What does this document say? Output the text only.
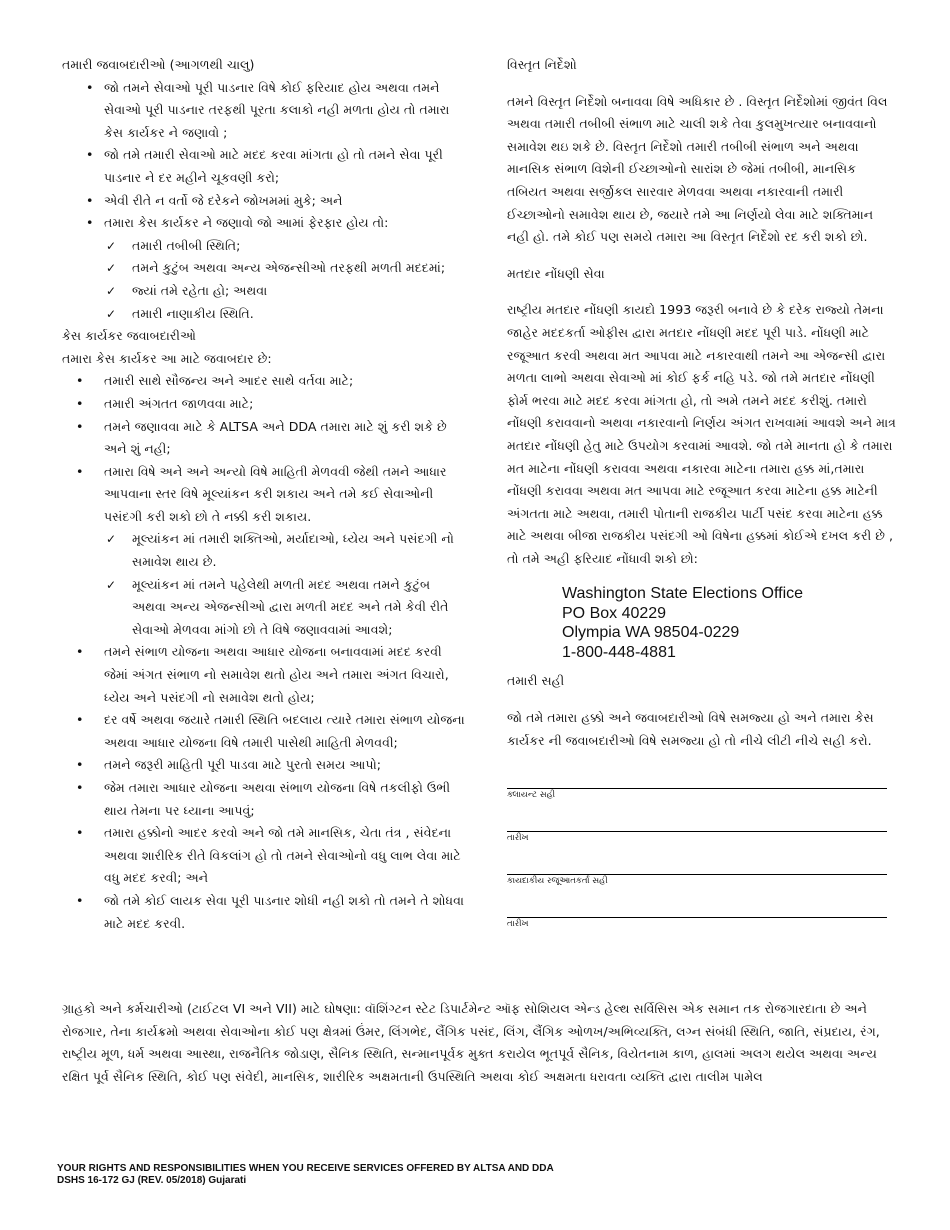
તમારી જવાબદારીઓ (આગળથી ચાલુ)

• જો તમને સેવાઓ પૂરી પાડનાર વિષે કોઈ ફરિયાદ હોય અથવા તમને સેવાઓ પૂરી પાડનાર તરફથી પૂરતા કલાકો નહી મળતા હોય તો તમારા કેસ કાર્યકર ને જણાવો ;
• જો તમે તમારી સેવાઓ માટે મદદ કરવા માંગતા હો તો તમને સેવા પૂરી પાડનાર ને દર મહીને ચૂકવણી કરો;
• એવી રીતે ન વર્તો જે દરેકને જોખમમાં મુકે; અને
• તમારા કેસ કાર્યકર ને જણાવો જો આમાં ફેરફાર હોય તો:
✓ તમારી તબીબી સ્થિતિ;
✓ તમને કુટુંબ અથવા અન્ય એજન્સીઓ તરફથી મળતી મદદમાં;
✓ જ્યાં તમે રહેતા હો; અથવા
✓ તમારી નાણાકીય સ્થિતિ.

કેસ કાર્યકર જવાબદારીઓ

તમારા કેસ કાર્યકર આ માટે જવાબદાર છે:

• તમારી સાથે સૌજન્ય અને આદર સાથે વર્તવા માટે;
• તમારી અંગતત જાળવવા માટે;
• તમને જણાવવા માટે કે ALTSA અને DDA તમારા માટે શું કરી શકે છે અને શું નહી;
• તમારા વિષે અને અને અન્યો વિષે માહિતી મેળવવી જેથી તમને આધાર આપવાના સ્તર વિષે મૂલ્યાંકન કરી શકાય અને તમે કઈ સેવાઓની પસંદગી કરી શકો છો તે નક્કી કરી શકાય.
✓ મૂલ્યાંકન માં તમારી શક્તિઓ, મર્યાદાઓ, ધ્યેય અને પસંદગી નો સમાવેશ થાય છે.
✓ મૂલ્યાંકન માં તમને પહેલેથી મળતી મદદ અથવા તમને કુટુંબ અથવા અન્ય એજન્સીઓ દ્વારા મળતી મદદ અને તમે કેવી રીતે સેવાઓ મેળવવા માંગો છો તે વિષે જણાવવામાં આવશે;
• તમને સંભાળ યોજના અથવા આધાર યોજના બનાવવામાં મદદ કરવી જેમાં અંગત સંભાળ નો સમાવેશ થતો હોય અને તમારા અંગત વિચારો, ધ્યેય અને પસંદગી નો સમાવેશ થતો હોય;
• દર વર્ષે અથવા જયારે તમારી સ્થિતિ બદલાય ત્યારે તમારા સંભાળ યોજના અથવા આધાર યોજના વિષે તમારી પાસેથી માહિતી મેળવવી;
• તમને જરૂરી માહિતી પૂરી પાડવા માટે પુરતો સમય આપો;
• જેમ તમારા આધાર યોજના અથવા સંભાળ યોજના વિષે તકલીફો ઉભી થાય તેમના પર ધ્યાના આપવું;
• તમારા હક્કોનો આદર કરવો અને જો તમે માનસિક, ચેતા તંત્ર , સંવેદના અથવા શારીરિક રીતે વિકલાંગ હો તો તમને સેવાઓનો વધુ લાભ લેવા માટે વધુ મદદ કરવી; અને
• જો તમે કોઈ લાયક સેવા પૂરી પાડનાર શોધી નહી શકો તો તમને તે શોધવા માટે મદદ કરવી.

વિસ્તૃત નિર્દેશો

તમને વિસ્તૃત નિર્દેશો બનાવવા વિષે અધિકાર છે . વિસ્તૃત નિર્દેશોમાં જીવંત વિલ અથવા તમારી તબીબી સંભાળ માટે ચાલી શકે તેવા કુલમુખત્યાર બનાવવાનો સમાવેશ થઇ શકે છે. વિસ્તૃત નિર્દેશો તમારી તબીબી સંભાળ અને અથવા માનસિક સંભાળ વિશેની ઈચ્છાઓનો સારાંશ છે જેમાં તબીબી, માનસિક તબિયત અથવા સર્જીકલ સારવાર મેળવવા અથવા નકારવાની તમારી ઈચ્છાઓનો સમાવેશ થાય છે, જયારે તમે આ નિર્ણયો લેવા માટે શક્તિમાન નહી હો. તમે કોઈ પણ સમયે તમારા આ વિસ્તૃત નિર્દેશો રદ કરી શકો છો.

મતદાર નોંધણી સેવા

રાષ્ટ્રીય મતદાર નોંધણી કાયદો 1993 જરૂરી બનાવે છે કે દરેક રાજ્યો તેમના જાહેર મદદકર્તા ઓફીસ દ્વારા મતદાર નોંધણી મદદ પૂરી પાડે. નોંધણી માટે રજૂઆત કરવી અથવા મત આપવા માટે નકારવાથી તમને આ એજન્સી દ્વારા મળતા લાભો અથવા સેવાઓ માં કોઈ ફર્ક નહિ પડે. જો તમે મતદાર નોંધણી ફોર્મ ભરવા માટે મદદ કરવા માંગતા હો, તો અમે તમને મદદ કરીશું. તમારો નોંધણી કરાવવાનો અથવા નકારવાનો નિર્ણય અંગત રાખવામાં આવશે અને માત્ર મતદાર નોંધણી હેતુ માટે ઉપયોગ કરવામાં આવશે. જો તમે માનતા હો કે તમારા મત માટેના નોંધણી કરાવવા અથવા નકારવા માટેના તમારા હક્ક માં,તમારા નોંધણી કરાવવા અથવા મત આપવા માટે રજૂઆત કરવા માટેના હક્ક માટેની અંગતતા માટે અથવા, તમારી પોતાની રાજકીય પાર્ટી પસંદ કરવા માટેના હક્ક માટે અથવા બીજા રાજકીય પસંદગી ઓ વિષેના હક્કમાં કોઈએ દખલ કરી છે , તો તમે અહી ફરિયાદ નોંધાવી શકો છો:

Washington State Elections Office
PO Box 40229
Olympia WA 98504-0229
1-800-448-4881

તમારી સહી

જો તમે તમારા હક્કો અને જવાબદારીઓ વિષે સમજ્યા હો અને તમારા કેસ કાર્યકર ની જવાબદારીઓ વિષે સમજ્યા હો તો નીચે લીટી નીચે સહી કરો.

ક્લાયન્ટ સહી
તારીખ
કાયદાકીય રજૂઆતકર્તા સહી
તારીખ

ગ્રાહકો અને કર્મચારીઓ (ટાઈટલ VI અને VII) માટે ઘોષણા: વૉશિંગ્ટન સ્ટેટ ડિપાર્ટમેન્ટ ઑફ સોશિયલ એન્ડ હેલ્થ સર્વિસિસ એક સમાન તક રોજગારદાતા છે અને રોજગાર, તેના કાર્યક્રમો અથવા સેવાઓના કોઈ પણ ક્ષેત્રમાં ઉંમર, લિંગભેદ, લૈંગિક પસંદ, લિંગ, લૈંગિક ઓળખ/અભિવ્યક્તિ, લગ્ન સંબંધી સ્થિતિ, જાતિ, સંપ્રદાય, રંગ, રાષ્ટ્રીય મૂળ, ધર્મ અથવા આસ્થા, રાજનૈતિક જોડાણ, સૈનિક સ્થિતિ, સન્માનપૂર્વક મુક્ત કરાયેલ ભૂતપૂર્વ સૈનિક, વિયેતનામ કાળ, હાલમાં અલગ થયેલ અથવા અન્ય રક્ષિત પૂર્વ સૈનિક સ્થિતિ, કોઈ પણ સંવેદી, માનસિક, શારીરિક અક્ષમતાની ઉપસ્થિતિ અથવા કોઈ અક્ષમતા ધરાવતા વ્યક્તિ દ્વારા તાલીમ પામેલ

YOUR RIGHTS AND RESPONSIBILITIES WHEN YOU RECEIVE SERVICES OFFERED BY ALTSA AND DDA
DSHS 16-172 GJ (REV. 05/2018) Gujarati
